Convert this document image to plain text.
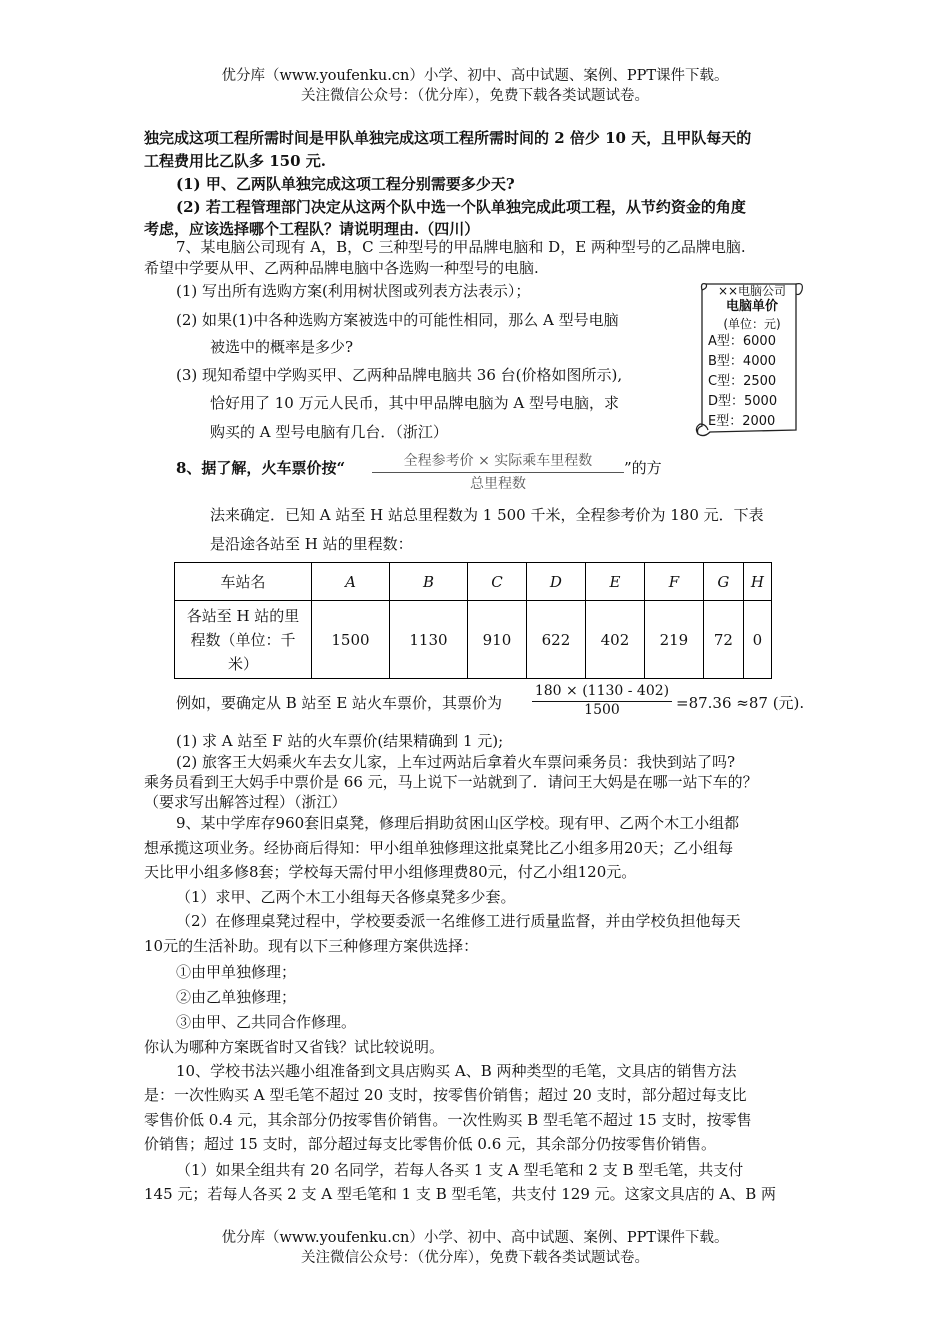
优分库（www.youfenku.cn）小学、初中、高中试题、案例、PPT课件下载。
关注微信公众号：（优分库），免费下载各类试题试卷。
独完成这项工程所需时间是甲队单独完成这项工程所需时间的 2 倍少 10 天，且甲队每天的
工程费用比乙队多 150 元.
(1) 甲、乙两队单独完成这项工程分别需要多少天?
(2) 若工程管理部门决定从这两个队中选一个队单独完成此项工程，从节约资金的角度
考虑，应该选择哪个工程队？请说明理由.（四川）
7、某电脑公司现有 A，B，C 三种型号的甲品牌电脑和 D，E 两种型号的乙品牌电脑.
希望中学要从甲、乙两种品牌电脑中各选购一种型号的电脑.
(1) 写出所有选购方案(利用树状图或列表方法表示）；
(2) 如果(1)中各种选购方案被选中的可能性相同，那么 A 型号电脑
被选中的概率是多少?
(3) 现知希望中学购买甲、乙两种品牌电脑共 36 台(价格如图所示),
恰好用了 10 万元人民币，其中甲品牌电脑为 A 型号电脑，求
购买的 A 型号电脑有几台．（浙江）
××电脑公司
电脑单价
(单位：元)
A型：6000
B型：4000
C型：2500
D型：5000
E型：2000
8、据了解，火车票价按“	全程参考价 × 实际乘车里程数
总里程数
”的方
法来确定．已知 A 站至 H 站总里程数为 1 500 千米，全程参考价为 180 元．下表
是沿途各站至 H 站的里程数：
车站名	A	B	C	D	E	F	G	H

各站至 H 站的里
程数（单位：千
米）	1500	1130	910	622	402	219	72	0
例如，要确定从 B 站至 E 站火车票价，其票价为
180 × (1130 - 402)
1500	=87.36 ≈87 (元).
(1) 求 A 站至 F 站的火车票价(结果精确到 1 元);
(2) 旅客王大妈乘火车去女儿家，上车过两站后拿着火车票问乘务员：我快到站了吗?
乘务员看到王大妈手中票价是 66 元，马上说下一站就到了．请问王大妈是在哪一站下车的？
（要求写出解答过程）（浙江）
9、某中学库存960套旧桌凳，修理后捐助贫困山区学校。现有甲、乙两个木工小组都
想承揽这项业务。经协商后得知：甲小组单独修理这批桌凳比乙小组多用20天；乙小组每
天比甲小组多修8套；学校每天需付甲小组修理费80元，付乙小组120元。
（1）求甲、乙两个木工小组每天各修桌凳多少套。
（2）在修理桌凳过程中，学校要委派一名维修工进行质量监督，并由学校负担他每天
10元的生活补助。现有以下三种修理方案供选择：
①由甲单独修理；
②由乙单独修理；
③由甲、乙共同合作修理。
你认为哪种方案既省时又省钱？试比较说明。
10、学校书法兴趣小组准备到文具店购买 A、B 两种类型的毛笔，文具店的销售方法
是：一次性购买 A 型毛笔不超过 20 支时，按零售价销售；超过 20 支时，部分超过每支比
零售价低 0.4 元，其余部分仍按零售价销售。一次性购买 B 型毛笔不超过 15 支时，按零售
价销售；超过 15 支时，部分超过每支比零售价低 0.6 元，其余部分仍按零售价销售。
（1）如果全组共有 20 名同学，若每人各买 1 支 A 型毛笔和 2 支 B 型毛笔，共支付
145 元；若每人各买 2 支 A 型毛笔和 1 支 B 型毛笔，共支付 129 元。这家文具店的 A、B 两
优分库（www.youfenku.cn）小学、初中、高中试题、案例、PPT课件下载。
关注微信公众号：（优分库），免费下载各类试题试卷。
